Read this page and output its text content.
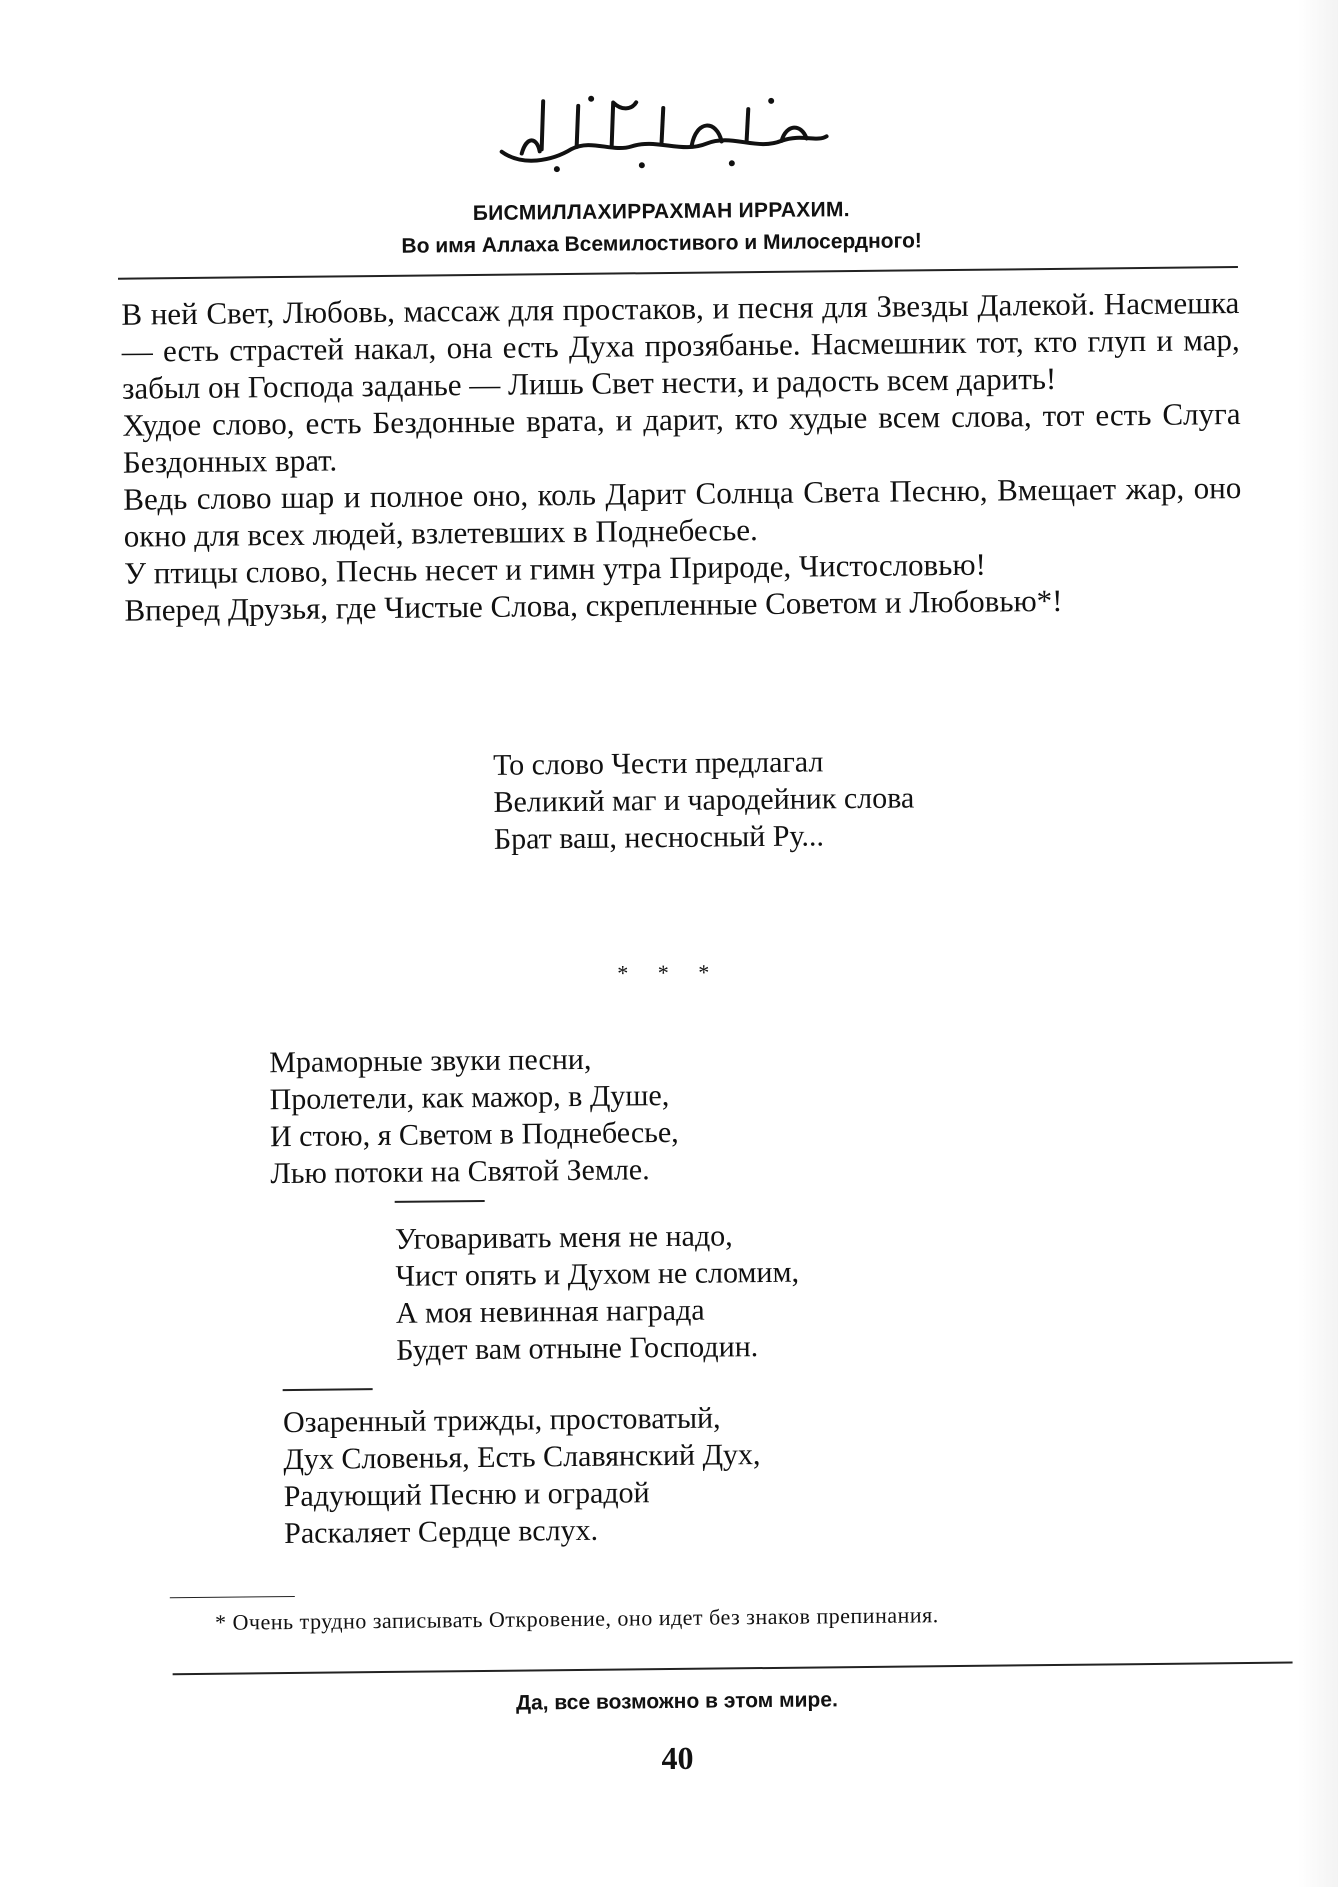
БИСМИЛЛАХИРРАХМАН ИРРАХИМ.
Во имя Аллаха Всемилостивого и Милосердного!

В ней Свет, Любовь, массаж для простаков, и песня для Звезды Далекой. Насмешка — есть страстей накал, она есть Духа прозябанье. Насмешник тот, кто глуп и мар, забыл он Господа заданье — Лишь Свет нести, и радость всем дарить!

Худое слово, есть Бездонные врата, и дарит, кто худые всем слова, тот есть Слуга Бездонных врат.

Ведь слово шар и полное оно, коль Дарит Солнца Света Песню, Вмещает жар, оно окно для всех людей, взлетевших в Поднебесье.

У птицы слово, Песнь несет и гимн утра Природе, Чистословью!

Вперед Друзья, где Чистые Слова, скрепленные Советом и Любовью*!

То слово Чести предлагал
Великий маг и чародейник слова
Брат ваш, несносный Ру...
* * *
Мраморные звуки песни,
Пролетели, как мажор, в Душе,
И стою, я Светом в Поднебесье,
Лью потоки на Святой Земле.
Уговаривать меня не надо,
Чист опять и Духом не сломим,
А моя невинная награда
Будет вам отныне Господин.
Озаренный трижды, простоватый,
Дух Словенья, Есть Славянский Дух,
Радующий Песню и оградой
Раскаляет Сердце вслух.
* Очень трудно записывать Откровение, оно идет без знаков препинания.
Да, все возможно в этом мире.
40
